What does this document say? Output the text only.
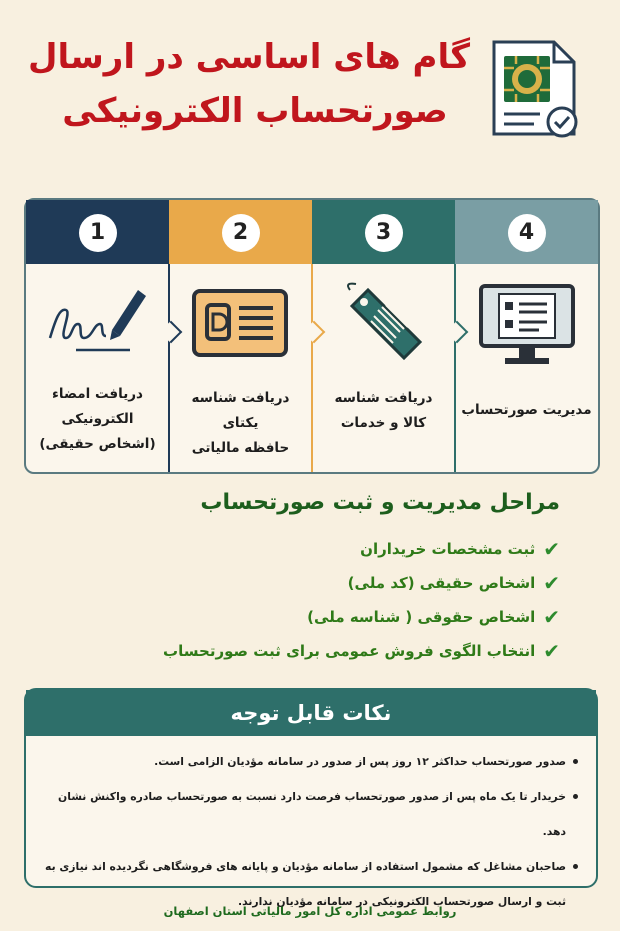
گام های اساسی در ارسال
صورتحساب الکترونیکی
1
دریافت امضاء
الکترونیکی
(اشخاص حقیقی)
2
دریافت شناسه یکتای
حافظه مالیاتی
3
دریافت شناسه
کالا و خدمات
4
مدیریت صورتحساب
مراحل مدیریت و ثبت صورتحساب
✔
ثبت مشخصات خریداران
✔
اشخاص حقیقی (کد ملی)
✔
اشخاص حقوقی ( شناسه ملی)
✔
انتخاب الگوی فروش عمومی برای ثبت صورتحساب
نکات قابل توجه
صدور صورتحساب حداکثر ۱۲ روز پس از صدور در سامانه مؤدیان الزامی است.
خریدار تا یک ماه پس از صدور صورتحساب فرصت دارد نسبت به صورتحساب صادره واکنش نشان دهد.
صاحبان مشاغل که مشمول استفاده از سامانه مؤدیان و پایانه های فروشگاهی نگردیده اند نیازی به ثبت و ارسال صورتحساب الکترونیکی در سامانه مؤدیان ندارند.
روابط عمومی اداره کل امور مالیاتی استان اصفهان
